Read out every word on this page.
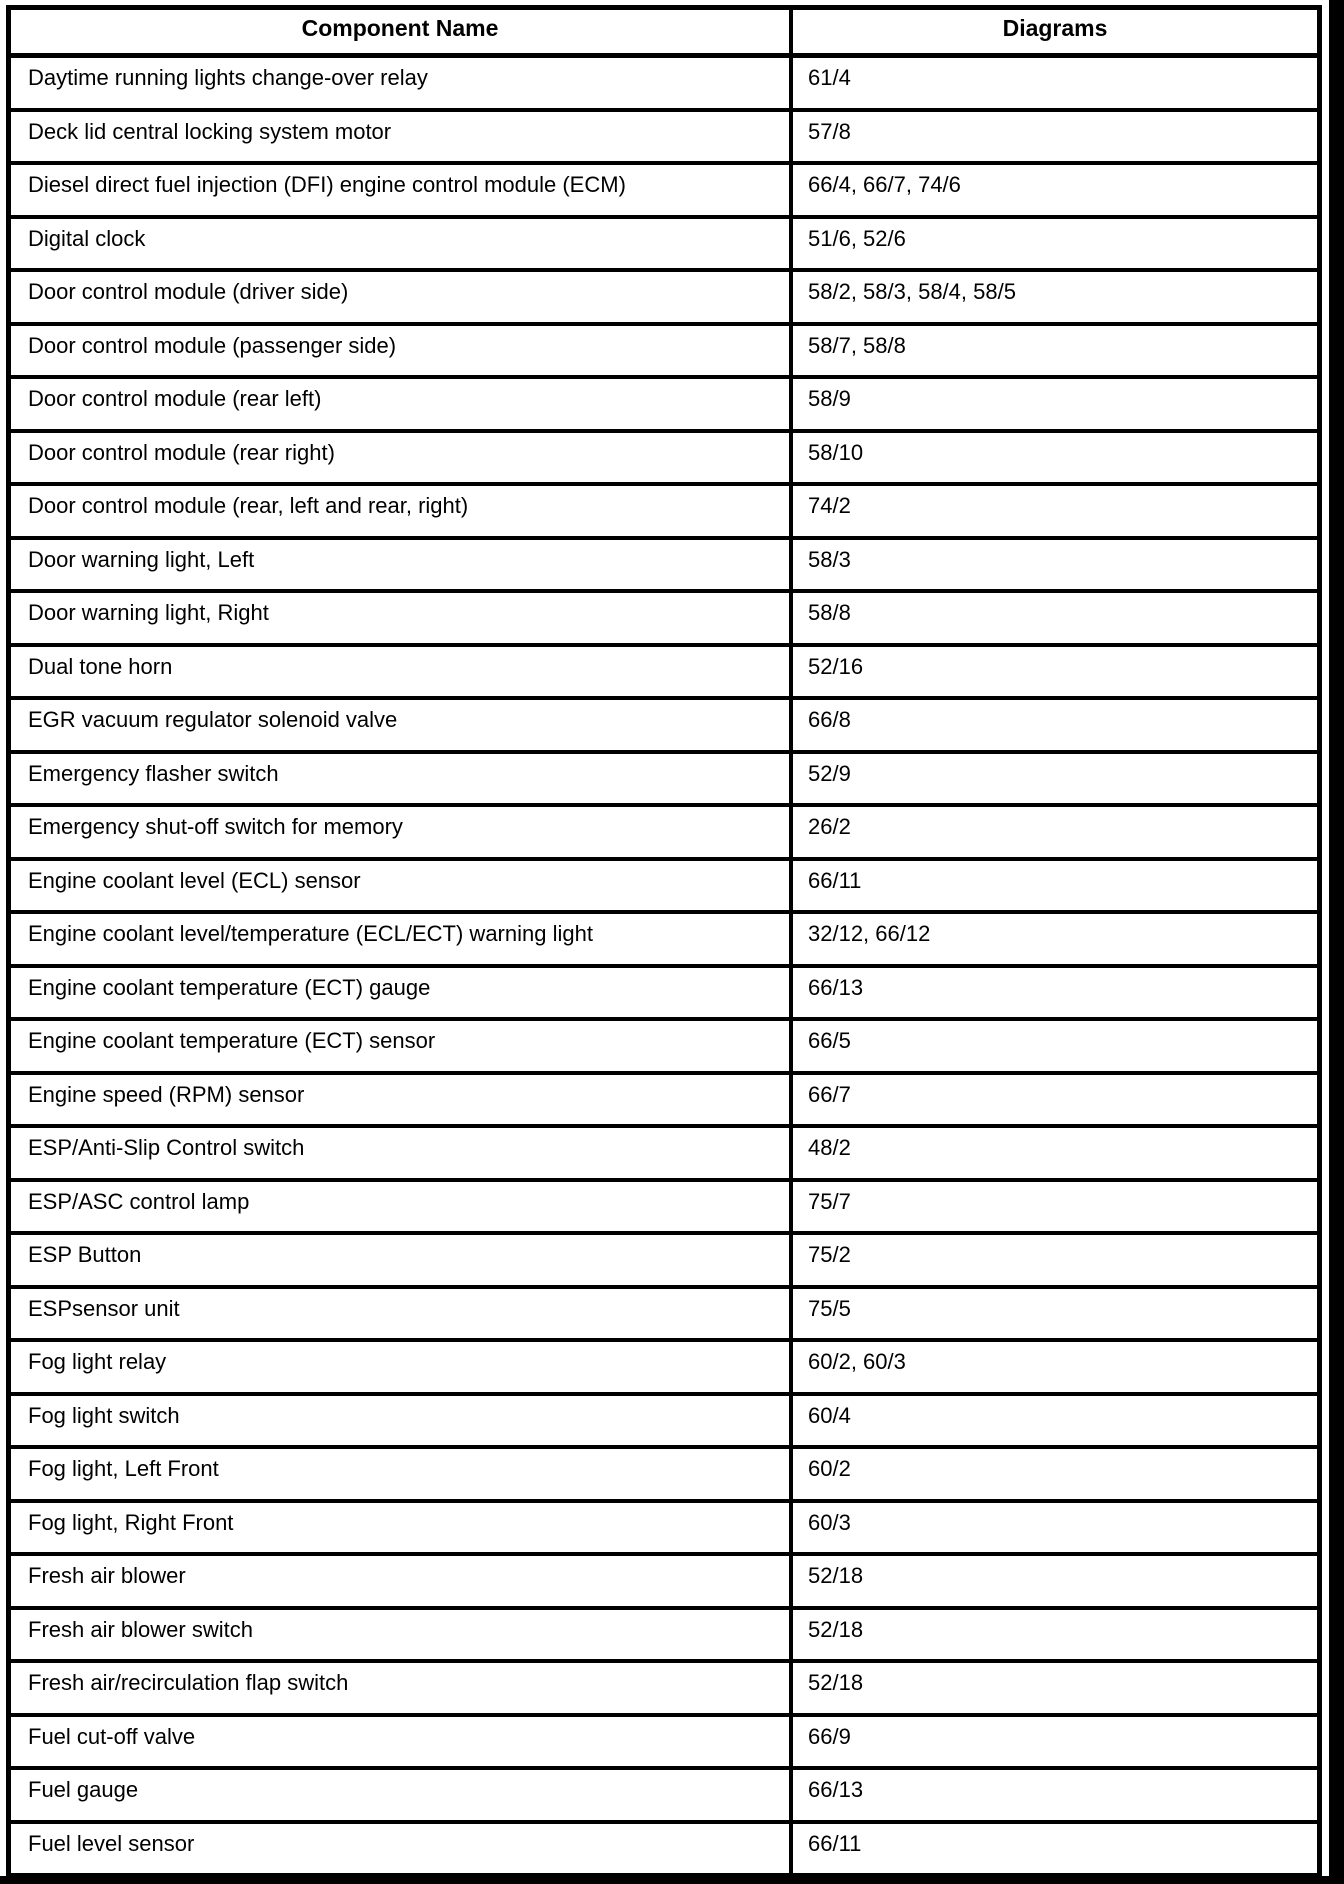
Component Name	Diagrams
Daytime running lights change-over relay	61/4
Deck lid central locking system motor	57/8
Diesel direct fuel injection (DFI) engine control module (ECM)	66/4, 66/7, 74/6
Digital clock	51/6, 52/6
Door control module (driver side)	58/2, 58/3, 58/4, 58/5
Door control module (passenger side)	58/7, 58/8
Door control module (rear left)	58/9
Door control module (rear right)	58/10
Door control module (rear, left and rear, right)	74/2
Door warning light, Left	58/3
Door warning light, Right	58/8
Dual tone horn	52/16
EGR vacuum regulator solenoid valve	66/8
Emergency flasher switch	52/9
Emergency shut-off switch for memory	26/2
Engine coolant level (ECL) sensor	66/11
Engine coolant level/temperature (ECL/ECT) warning light	32/12, 66/12
Engine coolant temperature (ECT) gauge	66/13
Engine coolant temperature (ECT) sensor	66/5
Engine speed (RPM) sensor	66/7
ESP/Anti-Slip Control switch	48/2
ESP/ASC control lamp	75/7
ESP Button	75/2
ESPsensor unit	75/5
Fog light relay	60/2, 60/3
Fog light switch	60/4
Fog light, Left Front	60/2
Fog light, Right Front	60/3
Fresh air blower	52/18
Fresh air blower switch	52/18
Fresh air/recirculation flap switch	52/18
Fuel cut-off valve	66/9
Fuel gauge	66/13
Fuel level sensor	66/11
